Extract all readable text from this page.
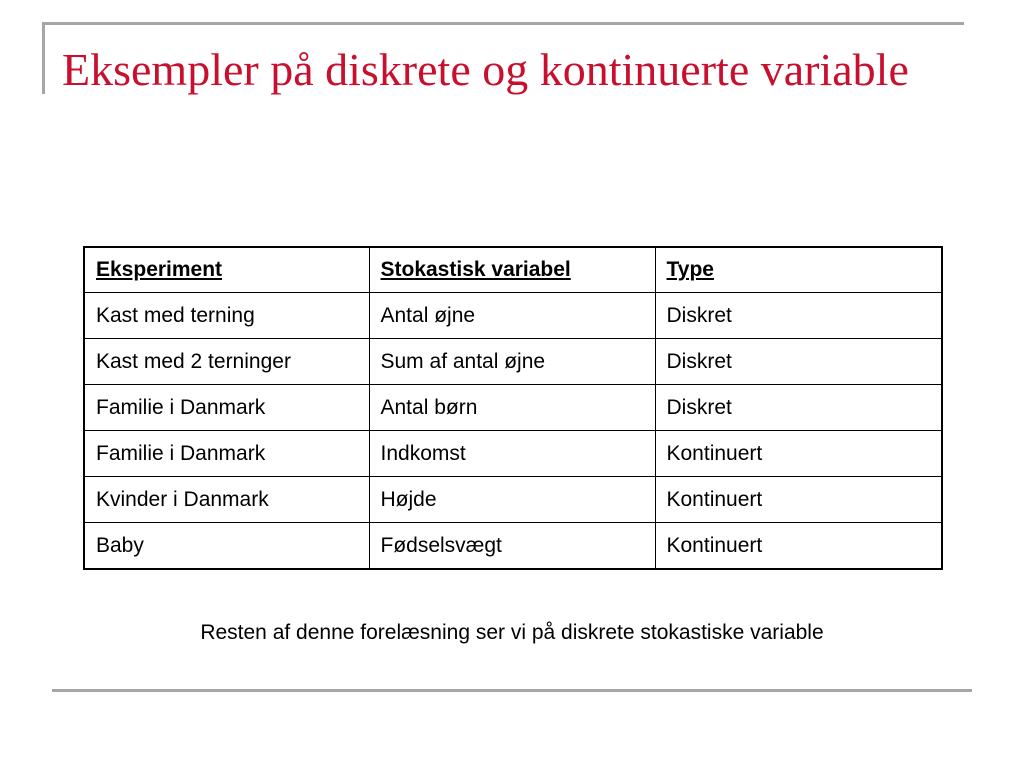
Eksempler på diskrete og kontinuerte variable
Eksperiment	Stokastisk variabel	Type
Kast med terning	Antal øjne	Diskret
Kast med 2 terninger	Sum af antal øjne	Diskret
Familie i Danmark	Antal børn	Diskret
Familie i Danmark	Indkomst	Kontinuert
Kvinder i Danmark	Højde	Kontinuert
Baby	Fødselsvægt	Kontinuert
Resten af denne forelæsning ser vi på diskrete stokastiske variable
